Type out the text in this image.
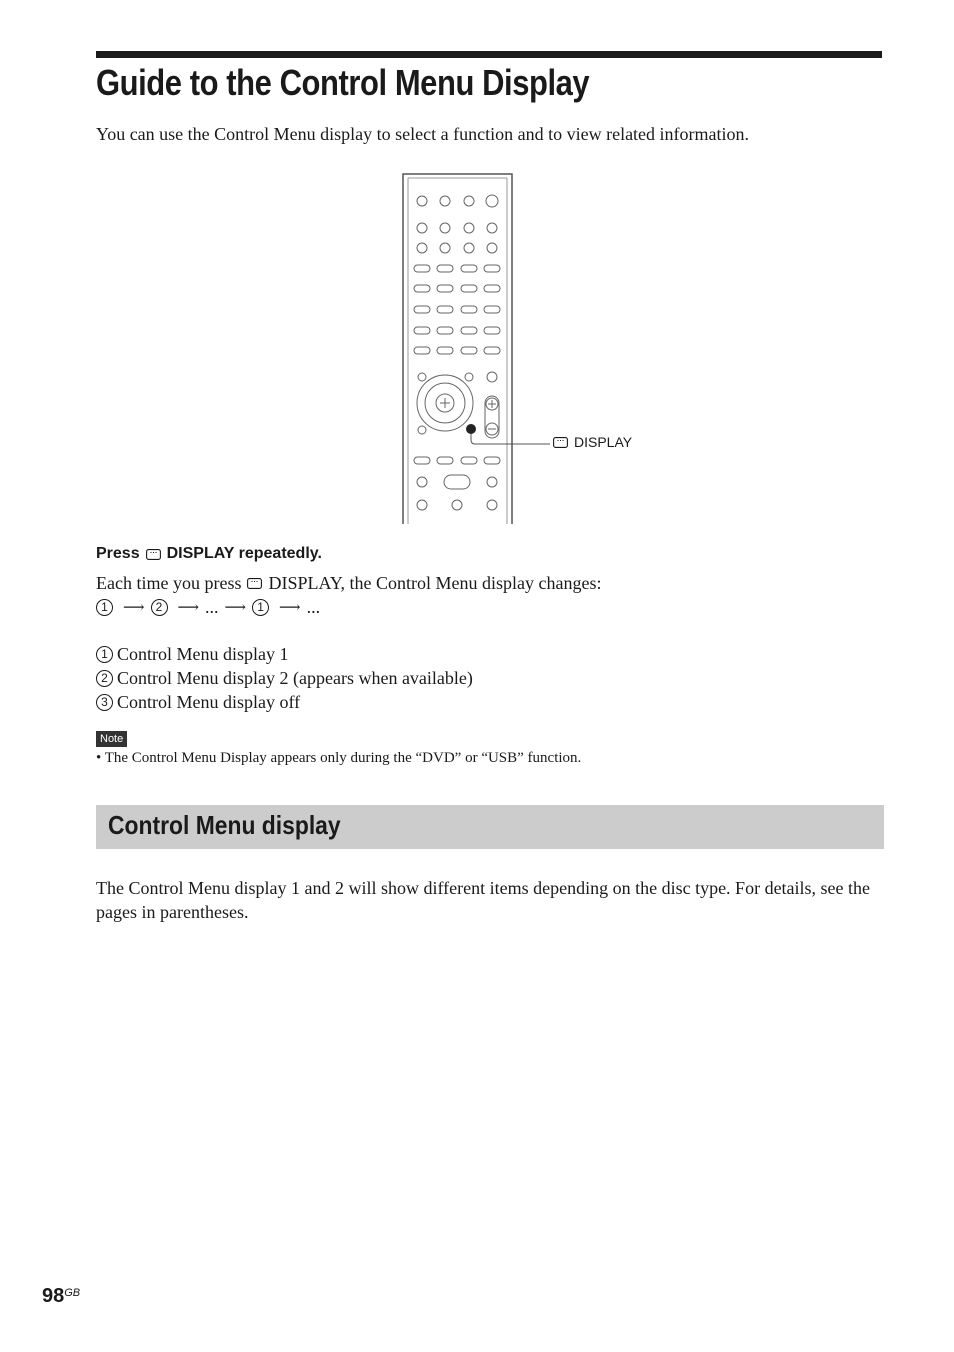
Guide to the Control Menu Display
You can use the Control Menu display to select a function and to view related information.
DISPLAY
Press DISPLAY repeatedly.
Each time you press DISPLAY, the Control Menu display changes:
1	⟶ 2	⟶ ... ⟶ 1	⟶ ...
1 Control Menu display 1
2 Control Menu display 2 (appears when available)
3 Control Menu display off
Note
• The Control Menu Display appears only during the “DVD” or “USB” function.
Control Menu display

The Control Menu display 1 and 2 will show different items depending on the disc type. For details, see the pages in parentheses.

$98^{GB}$
